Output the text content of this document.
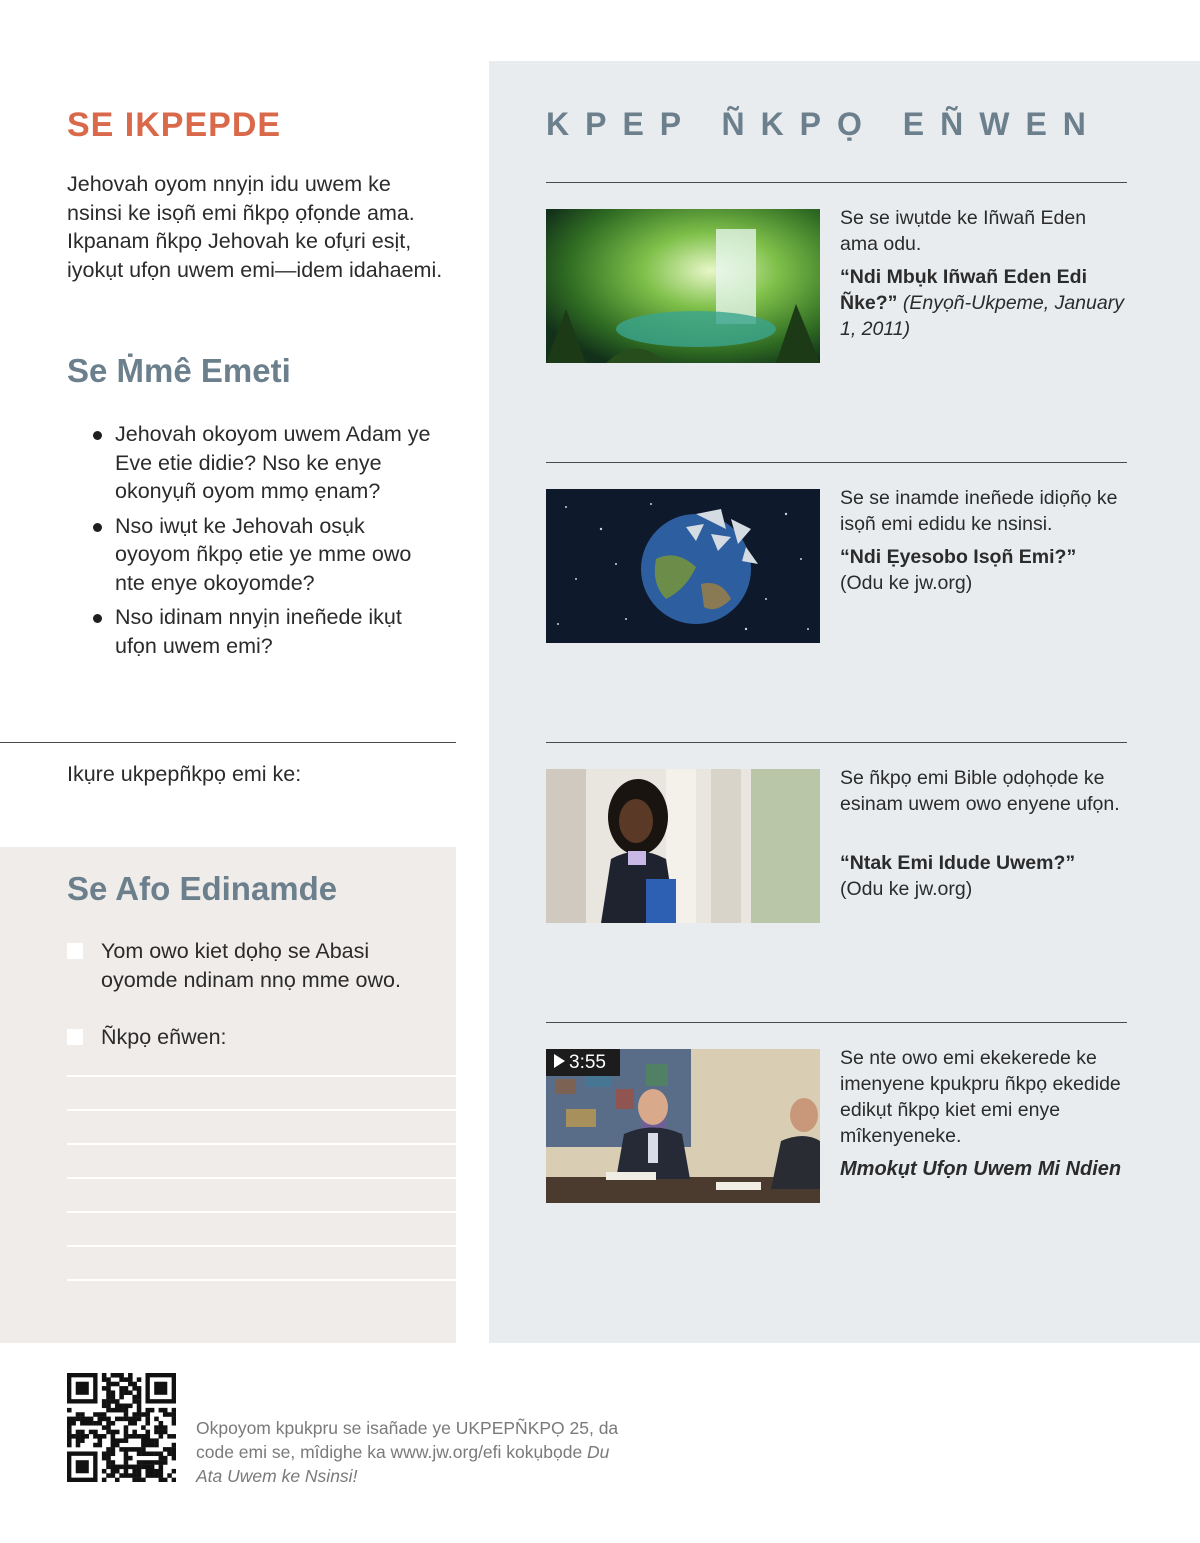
SE IKPEPDE

Jehovah oyom nnyịn idu uwem ke nsinsi ke isọñ emi ñkpọ ọfọnde ama. Ikpanam ñkpọ Jehovah ke ofụri esịt, iyokụt ufọn uwem emi—idem idahaemi.

Se Ṁmê Emeti
Jehovah okoyom uwem Adam ye Eve etie didie? Nso ke enye okonyụñ oyom mmọ ẹnam?
Nso iwụt ke Jehovah osụk oyoyom ñkpọ etie ye mme owo nte enye okoyomde?
Nso idinam nnyịn ineñede ikụt ufọn uwem emi?

Ikụre ukpepñkpọ emi ke:

Se Afo Edinamde
Yom owo kiet dọhọ se Abasi oyomde ndinam nnọ mme owo.
Ñkpọ eñwen:
KPEP ÑKPỌ EÑWEN

Se se iwụtde ke Iñwañ Eden ama odu.

“Ndi Mbụk Iñwañ Eden Edi Ñke?” (Enyọñ-Ukpeme, January 1, 2011)

Se se inamde ineñede idiọñọ ke isọñ emi edidu ke nsinsi.

“Ndi Ẹyesobo Isọñ Emi?”
(Odu ke jw.org)

Se ñkpọ emi Bible ọdọhọde ke esinam uwem owo enyene ufọn.

“Ntak Emi Idude Uwem?”
(Odu ke jw.org)

3:55	Se nte owo emi ekekerede ke imenyene kpukpru ñkpọ ekedide edikụt ñkpọ kiet emi enye mîkenyeneke.

Mmokụt Ufọn Uwem Mi Ndien

Okpoyom kpukpru se isañade ye UKPEPÑKPỌ 25, da code emi se, mîdighe ka www.jw.org/efi kokụbọde Du Ata Uwem ke Nsinsi!
